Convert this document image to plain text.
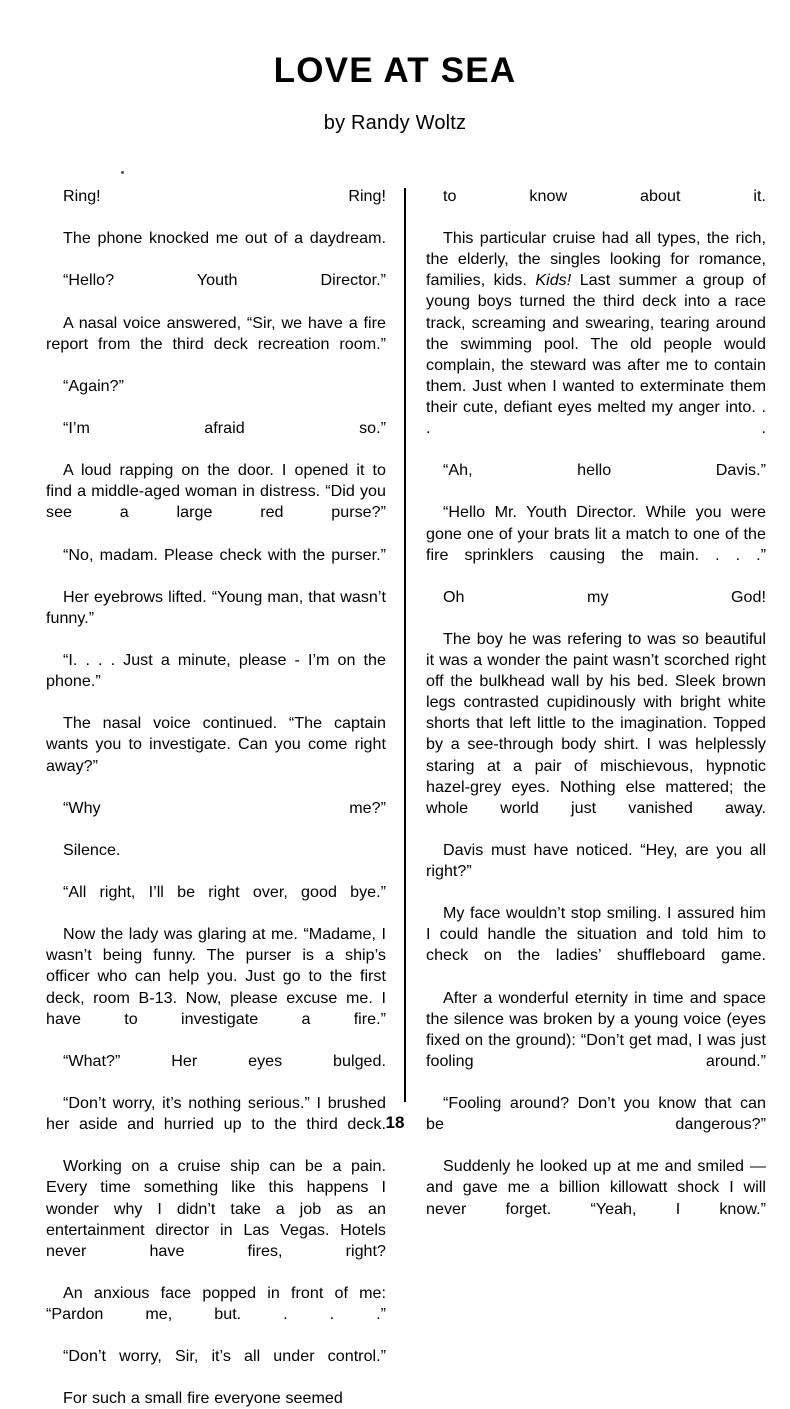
LOVE AT SEA
by Randy Woltz

Ring! Ring!

The phone knocked me out of a daydream.

“Hello? Youth Director.”

A nasal voice answered, “Sir, we have a fire report from the third deck recreation room.”

“Again?”

“I’m afraid so.”

A loud rapping on the door. I opened it to find a middle-aged woman in distress. “Did you see a large red purse?”

“No, madam. Please check with the purser.”

Her eyebrows lifted. “Young man, that wasn’t funny.”

“I. . . . Just a minute, please - I’m on the phone.”

The nasal voice continued. “The captain wants you to investigate. Can you come right away?”

“Why me?”

Silence.

“All right, I’ll be right over, good bye.”

Now the lady was glaring at me. “Madame, I wasn’t being funny. The purser is a ship’s officer who can help you. Just go to the first deck, room B-13. Now, please excuse me. I have to investigate a fire.”

“What?” Her eyes bulged.

“Don’t worry, it’s nothing serious.” I brushed her aside and hurried up to the third deck.

Working on a cruise ship can be a pain. Every time something like this happens I wonder why I didn’t take a job as an entertainment director in Las Vegas. Hotels never have fires, right?

An anxious face popped in front of me: “Pardon me, but. . . .”

“Don’t worry, Sir, it’s all under control.”

For such a small fire everyone seemed

to know about it.

This particular cruise had all types, the rich, the elderly, the singles looking for romance, families, kids. Kids! Last summer a group of young boys turned the third deck into a race track, screaming and swearing, tearing around the swimming pool. The old people would complain, the steward was after me to contain them. Just when I wanted to exterminate them their cute, defiant eyes melted my anger into. . . .

“Ah, hello Davis.”

“Hello Mr. Youth Director. While you were gone one of your brats lit a match to one of the fire sprinklers causing the main. . . .”

Oh my God!

The boy he was refering to was so beautiful it was a wonder the paint wasn’t scorched right off the bulkhead wall by his bed. Sleek brown legs contrasted cupidinously with bright white shorts that left little to the imagination. Topped by a see-through body shirt. I was helplessly staring at a pair of mischievous, hypnotic hazel-grey eyes. Nothing else mattered; the whole world just vanished away.

Davis must have noticed. “Hey, are you all right?”

My face wouldn’t stop smiling. I assured him I could handle the situation and told him to check on the ladies’ shuffleboard game.

After a wonderful eternity in time and space the silence was broken by a young voice (eyes fixed on the ground): “Don’t get mad, I was just fooling around.”

“Fooling around? Don’t you know that can be dangerous?”

Suddenly he looked up at me and smiled — and gave me a billion killowatt shock I will never forget. “Yeah, I know.”

18
